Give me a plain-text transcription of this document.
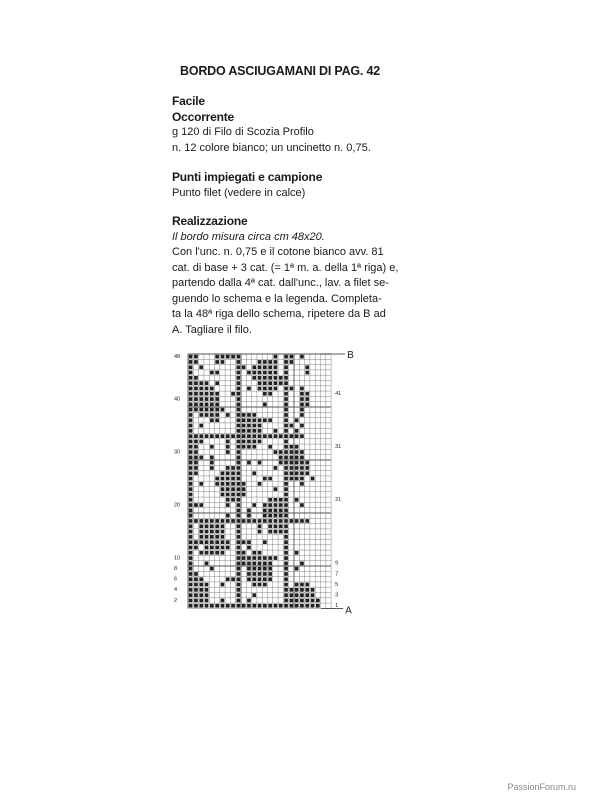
BORDO ASCIUGAMANI DI PAG. 42
Facile
Occorrente

g 120 di Filo di Scozia Profilo

n. 12 colore bianco; un uncinetto n. 0,75.

Punti impiegati e campione

Punto filet (vedere in calce)

Realizzazione

Il bordo misura circa cm 48x20.

Con l'unc. n. 0,75 e il cotone bianco avv. 81

cat. di base + 3 cat. (= 1ª m. a. della 1ª riga) e,

partendo dalla 4ª cat. dall'unc., lav. a filet se-

guendo lo schema e la legenda. Completa-

ta la 48ª riga dello schema, ripetere da B ad

A. Tagliare il filo.

48
40
30
20
10
8
6
4
2
41
31
21
9
7
5
3
1
B
A
PassionForum.ru
